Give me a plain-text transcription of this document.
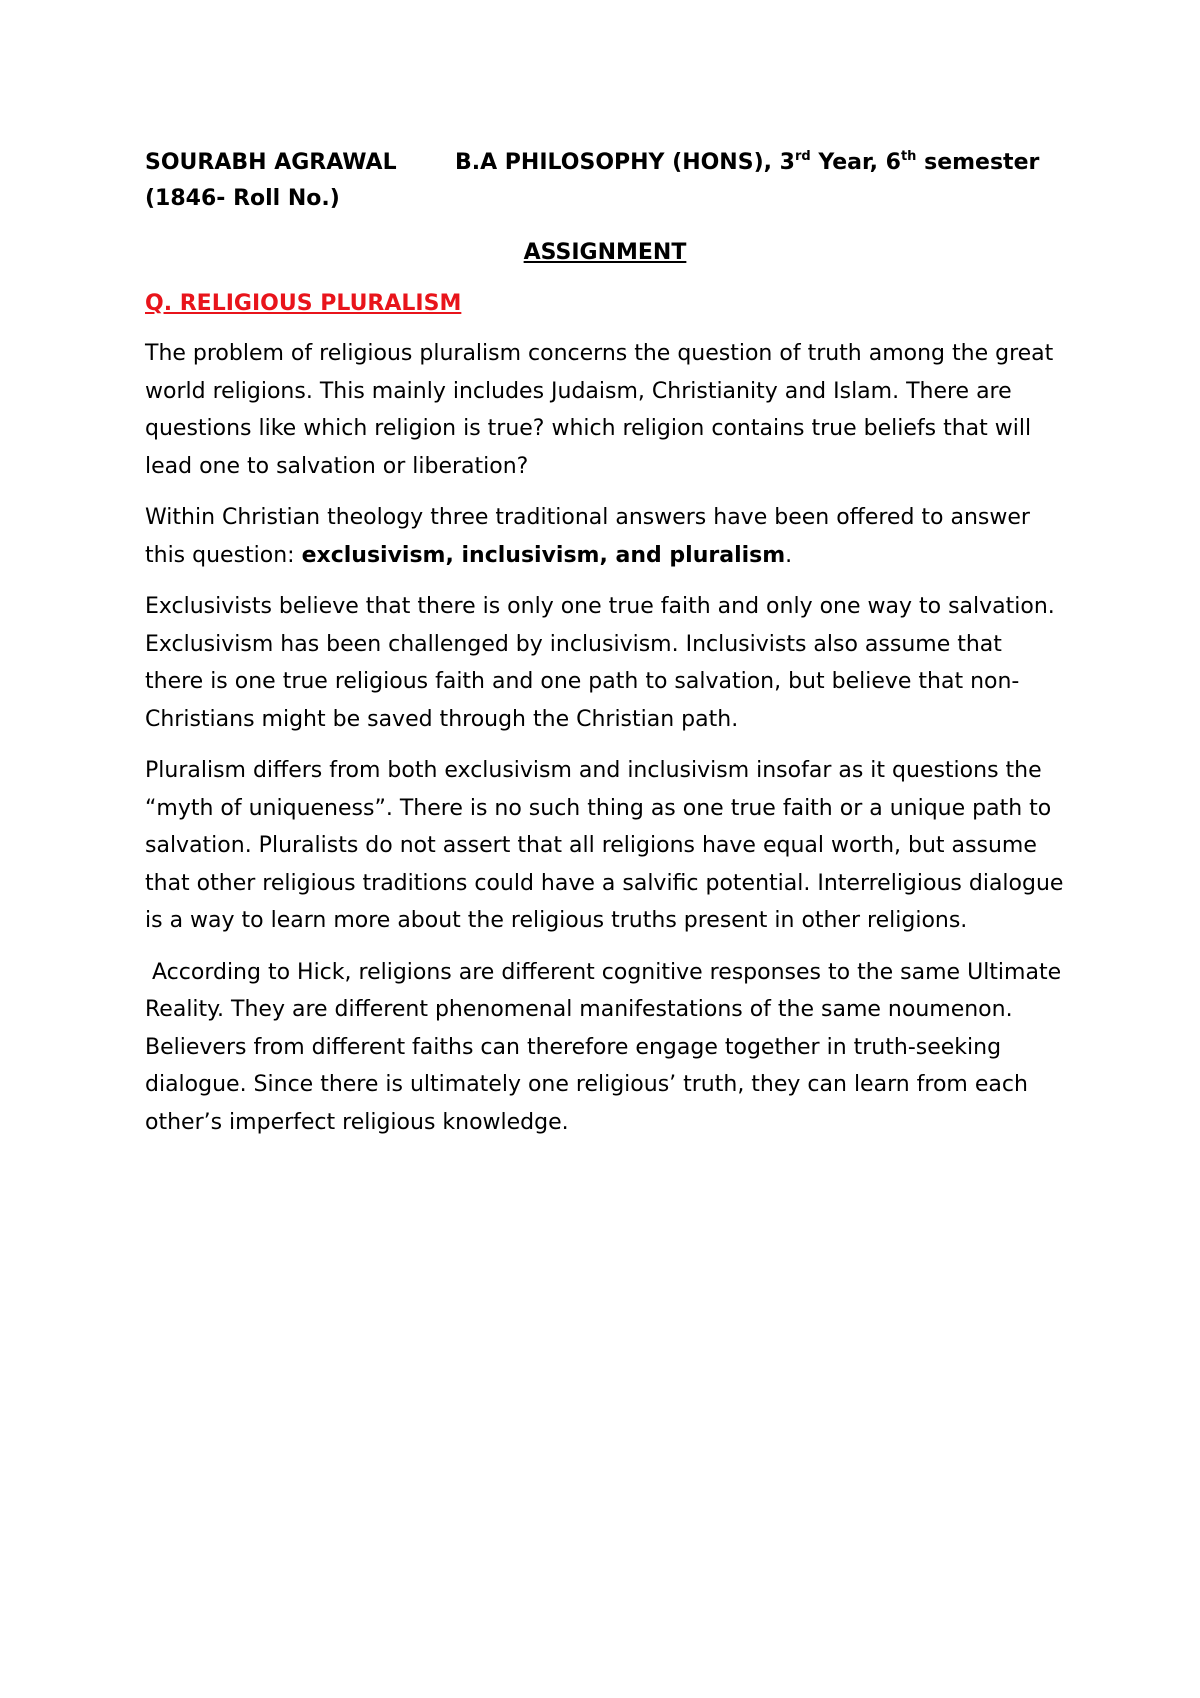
SOURABH AGRAWAL	B.A PHILOSOPHY (HONS), 3rd Year, 6th semester
(1846- Roll No.)
ASSIGNMENT
Q. RELIGIOUS PLURALISM

The problem of religious pluralism concerns the question of truth among the great world religions. This mainly includes Judaism, Christianity and Islam. There are questions like which religion is true? which religion contains true beliefs that will lead one to salvation or liberation?

Within Christian theology three traditional answers have been offered to answer this question: exclusivism, inclusivism, and pluralism.

Exclusivists believe that there is only one true faith and only one way to salvation. Exclusivism has been challenged by inclusivism. Inclusivists also assume that there is one true religious faith and one path to salvation, but believe that non-Christians might be saved through the Christian path.

Pluralism differs from both exclusivism and inclusivism insofar as it questions the “myth of uniqueness”. There is no such thing as one true faith or a unique path to salvation. Pluralists do not assert that all religions have equal worth, but assume that other religious traditions could have a salvific potential. Interreligious dialogue is a way to learn more about the religious truths present in other religions.

According to Hick, religions are different cognitive responses to the same Ultimate Reality. They are different phenomenal manifestations of the same noumenon. Believers from different faiths can therefore engage together in truth-seeking dialogue. Since there is ultimately one religious’ truth, they can learn from each other’s imperfect religious knowledge.
